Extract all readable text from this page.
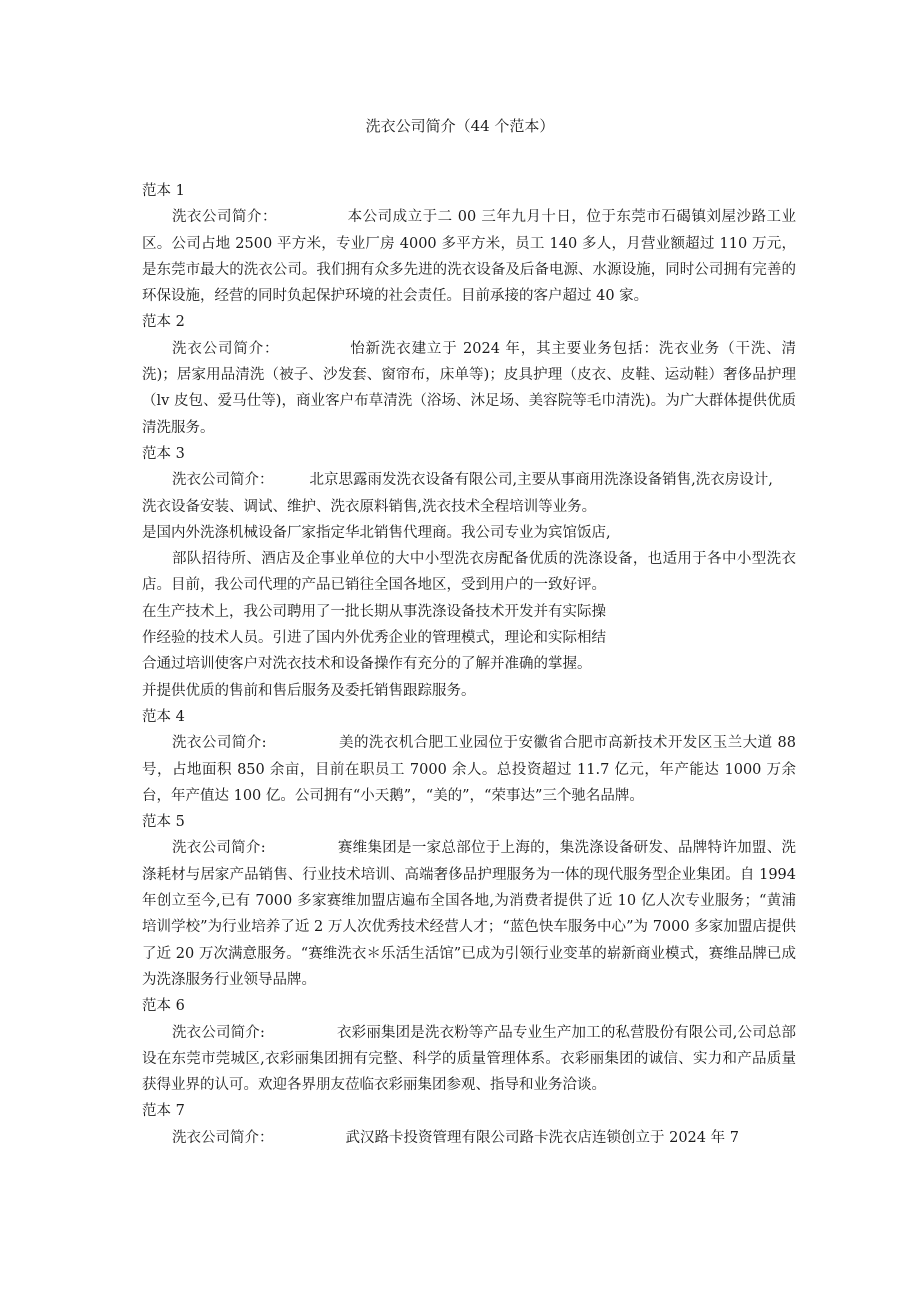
洗衣公司简介（44 个范本）

范本 1

洗衣公司简介：	本公司成立于二 00 三年九月十日，位于东莞市石碣镇刘屋沙路工业区。公司占地 2500 平方米，专业厂房 4000 多平方米，员工 140 多人，月营业额超过 110 万元，是东莞市最大的洗衣公司。我们拥有众多先进的洗衣设备及后备电源、水源设施，同时公司拥有完善的环保设施，经营的同时负起保护环境的社会责任。目前承接的客户超过 40 家。

范本 2

洗衣公司简介：	怡新洗衣建立于 2024 年，其主要业务包括：洗衣业务（干洗、清洗)；居家用品清洗（被子、沙发套、窗帘布，床单等)；皮具护理（皮衣、皮鞋、运动鞋）奢侈品护理（lv 皮包、爱马仕等)，商业客户布草清洗（浴场、沐足场、美容院等毛巾清洗)。为广大群体提供优质清洗服务。

范本 3

洗衣公司简介： 北京思露雨发洗衣设备有限公司,主要从事商用洗涤设备销售,洗衣房设计,

洗衣设备安装、调试、维护、洗衣原料销售,洗衣技术全程培训等业务。

是国内外洗涤机械设备厂家指定华北销售代理商。我公司专业为宾馆饭店,

部队招待所、酒店及企事业单位的大中小型洗衣房配备优质的洗涤设备，也适用于各中小型洗衣店。目前，我公司代理的产品已销往全国各地区，受到用户的一致好评。

在生产技术上，我公司聘用了一批长期从事洗涤设备技术开发并有实际操

作经验的技术人员。引进了国内外优秀企业的管理模式，理论和实际相结

合通过培训使客户对洗衣技术和设备操作有充分的了解并准确的掌握。

并提供优质的售前和售后服务及委托销售跟踪服务。

范本 4

洗衣公司简介:	美的洗衣机合肥工业园位于安徽省合肥市高新技术开发区玉兰大道 88 号，占地面积 850 余亩，目前在职员工 7000 余人。总投资超过 11.7 亿元，年产能达 1000 万余台，年产值达 100 亿。公司拥有“小天鹅”，“美的”，“荣事达”三个驰名品牌。

范本 5

洗衣公司简介:	赛维集团是一家总部位于上海的，集洗涤设备研发、品牌特许加盟、洗涤耗材与居家产品销售、行业技术培训、高端奢侈品护理服务为一体的现代服务型企业集团。自 1994 年创立至今,已有 7000 多家赛维加盟店遍布全国各地,为消费者提供了近 10 亿人次专业服务；“黄浦培训学校”为行业培养了近 2 万人次优秀技术经营人才；“蓝色快车服务中心”为 7000 多家加盟店提供了近 20 万次满意服务。“赛维洗衣＊乐活生活馆”已成为引领行业变革的崭新商业模式，赛维品牌已成为洗涤服务行业领导品牌。

范本 6

洗衣公司简介:	衣彩丽集团是洗衣粉等产品专业生产加工的私营股份有限公司,公司总部设在东莞市莞城区,衣彩丽集团拥有完整、科学的质量管理体系。衣彩丽集团的诚信、实力和产品质量获得业界的认可。欢迎各界朋友莅临衣彩丽集团参观、指导和业务洽谈。

范本 7

洗衣公司简介：	武汉路卡投资管理有限公司路卡洗衣店连锁创立于 2024 年 7
